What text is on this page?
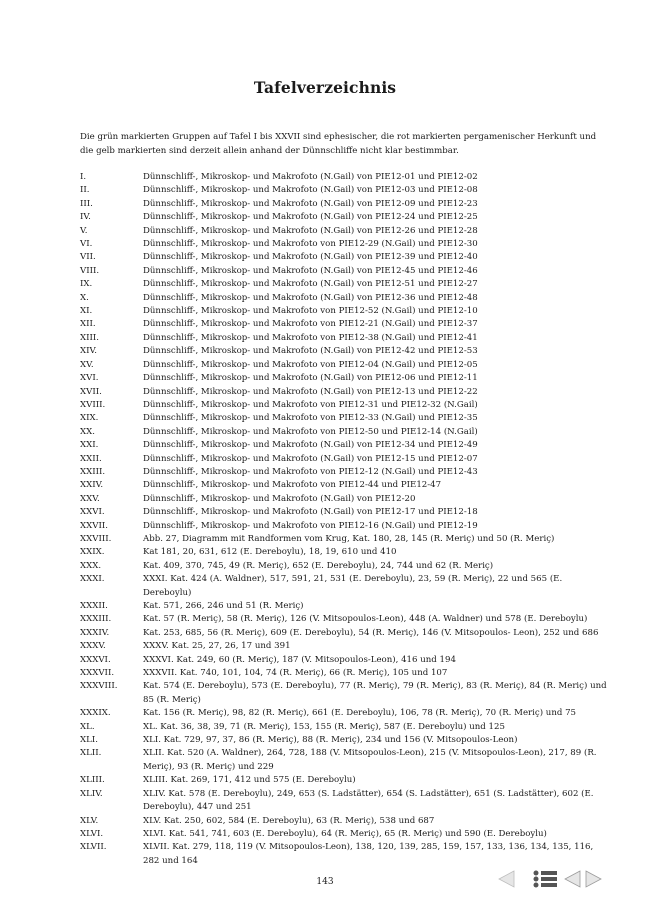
Tafelverzeichnis
Die grün markierten Gruppen auf Tafel I bis XXVII sind ephesischer, die rot markierten pergamenischer Herkunft und die gelb markierten sind derzeit allein anhand der Dünnschliffe nicht klar bestimmbar.
I.	Dünnschliff-, Mikroskop- und Makrofoto (N.Gail) von PIE12-01 und PIE12-02
II.	Dünnschliff-, Mikroskop- und Makrofoto (N.Gail) von PIE12-03 und PIE12-08
III.	Dünnschliff-, Mikroskop- und Makrofoto (N.Gail) von PIE12-09 und PIE12-23
IV.	Dünnschliff-, Mikroskop- und Makrofoto (N.Gail) von PIE12-24 und PIE12-25
V.	Dünnschliff-, Mikroskop- und Makrofoto (N.Gail) von PIE12-26 und PIE12-28
VI.	Dünnschliff-, Mikroskop- und Makrofoto von PIE12-29 (N.Gail) und PIE12-30
VII.	Dünnschliff-, Mikroskop- und Makrofoto (N.Gail) von PIE12-39 und PIE12-40
VIII.	Dünnschliff-, Mikroskop- und Makrofoto (N.Gail) von PIE12-45 und PIE12-46
IX.	Dünnschliff-, Mikroskop- und Makrofoto (N.Gail) von PIE12-51 und PIE12-27
X.	Dünnschliff-, Mikroskop- und Makrofoto (N.Gail) von PIE12-36 und PIE12-48
XI.	Dünnschliff-, Mikroskop- und Makrofoto von PIE12-52 (N.Gail) und PIE12-10
XII.	Dünnschliff-, Mikroskop- und Makrofoto von PIE12-21 (N.Gail) und PIE12-37
XIII.	Dünnschliff-, Mikroskop- und Makrofoto von PIE12-38 (N.Gail) und PIE12-41
XIV.	Dünnschliff-, Mikroskop- und Makrofoto (N.Gail) von PIE12-42 und PIE12-53
XV.	Dünnschliff-, Mikroskop- und Makrofoto von PIE12-04 (N.Gail) und PIE12-05
XVI.	Dünnschliff-, Mikroskop- und Makrofoto (N.Gail) von PIE12-06 und PIE12-11
XVII.	Dünnschliff-, Mikroskop- und Makrofoto (N.Gail) von PIE12-13 und PIE12-22
XVIII.	Dünnschliff-, Mikroskop- und Makrofoto von PIE12-31 und PIE12-32 (N.Gail)
XIX.	Dünnschliff-, Mikroskop- und Makrofoto von PIE12-33 (N.Gail) und PIE12-35
XX.	Dünnschliff-, Mikroskop- und Makrofoto von PIE12-50 und PIE12-14 (N.Gail)
XXI.	Dünnschliff-, Mikroskop- und Makrofoto (N.Gail) von PIE12-34 und PIE12-49
XXII.	Dünnschliff-, Mikroskop- und Makrofoto (N.Gail) von PIE12-15 und PIE12-07
XXIII.	Dünnschliff-, Mikroskop- und Makrofoto von PIE12-12 (N.Gail) und PIE12-43
XXIV.	Dünnschliff-, Mikroskop- und Makrofoto von PIE12-44 und PIE12-47
XXV.	Dünnschliff-, Mikroskop- und Makrofoto (N.Gail) von PIE12-20
XXVI.	Dünnschliff-, Mikroskop- und Makrofoto (N.Gail) von PIE12-17 und PIE12-18
XXVII.	Dünnschliff-, Mikroskop- und Makrofoto von PIE12-16 (N.Gail) und PIE12-19
XXVIII.	Abb. 27, Diagramm mit Randformen vom Krug, Kat. 180, 28, 145 (R. Meriç) und 50 (R. Meriç)
XXIX.	Kat 181, 20, 631, 612 (E. Dereboylu), 18, 19, 610 und 410
XXX.	Kat. 409, 370, 745, 49 (R. Meriç), 652 (E. Dereboylu), 24, 744 und 62 (R. Meriç)
XXXI.	XXXI. Kat. 424 (A. Waldner), 517, 591, 21, 531 (E. Dereboylu), 23, 59 (R. Meriç), 22 und 565 (E. Dereboylu)
XXXII.	Kat. 571, 266, 246 und 51 (R. Meriç)
XXXIII.	Kat. 57 (R. Meriç), 58 (R. Meriç), 126 (V. Mitsopoulos-Leon), 448 (A. Waldner) und 578 (E. Dereboylu)
XXXIV.	Kat. 253, 685, 56 (R. Meriç), 609 (E. Dereboylu), 54 (R. Meriç), 146 (V. Mitsopoulos- Leon), 252 und 686
XXXV.	XXXV. Kat. 25, 27, 26, 17 und 391
XXXVI.	XXXVI. Kat. 249, 60 (R. Meriç), 187 (V. Mitsopoulos-Leon), 416 und 194
XXXVII.	XXXVII. Kat. 740, 101, 104, 74 (R. Meriç), 66 (R. Meriç), 105 und 107
XXXVIII.	Kat. 574 (E. Dereboylu), 573 (E. Dereboylu), 77 (R. Meriç), 79 (R. Meriç), 83 (R. Meriç), 84 (R. Meriç) und 85 (R. Meriç)
XXXIX.	Kat. 156 (R. Meriç), 98, 82 (R. Meriç), 661 (E. Dereboylu), 106, 78 (R. Meriç), 70 (R. Meriç) und 75
XL.	XL. Kat. 36, 38, 39, 71 (R. Meriç), 153, 155 (R. Meriç), 587 (E. Dereboylu) und 125
XLI.	XLI. Kat. 729, 97, 37, 86 (R. Meriç), 88 (R. Meriç), 234 und 156 (V. Mitsopoulos-Leon)
XLII.	XLII. Kat. 520 (A. Waldner), 264, 728, 188 (V. Mitsopoulos-Leon), 215 (V. Mitsopoulos-Leon), 217, 89 (R. Meriç), 93 (R. Meriç) und 229
XLIII.	XLIII. Kat. 269, 171, 412 und 575 (E. Dereboylu)
XLIV.	XLIV. Kat. 578 (E. Dereboylu), 249, 653 (S. Ladstätter), 654 (S. Ladstätter), 651 (S. Ladstätter), 602 (E. Dereboylu), 447 und 251
XLV.	XLV. Kat. 250, 602, 584 (E. Dereboylu), 63 (R. Meriç), 538 und 687
XLVI.	XLVI. Kat. 541, 741, 603 (E. Dereboylu), 64 (R. Meriç), 65 (R. Meriç) und 590 (E. Dereboylu)
XLVII.	XLVII. Kat. 279, 118, 119 (V. Mitsopoulos-Leon), 138, 120, 139, 285, 159, 157, 133, 136, 134, 135, 116, 282 und 164
143
